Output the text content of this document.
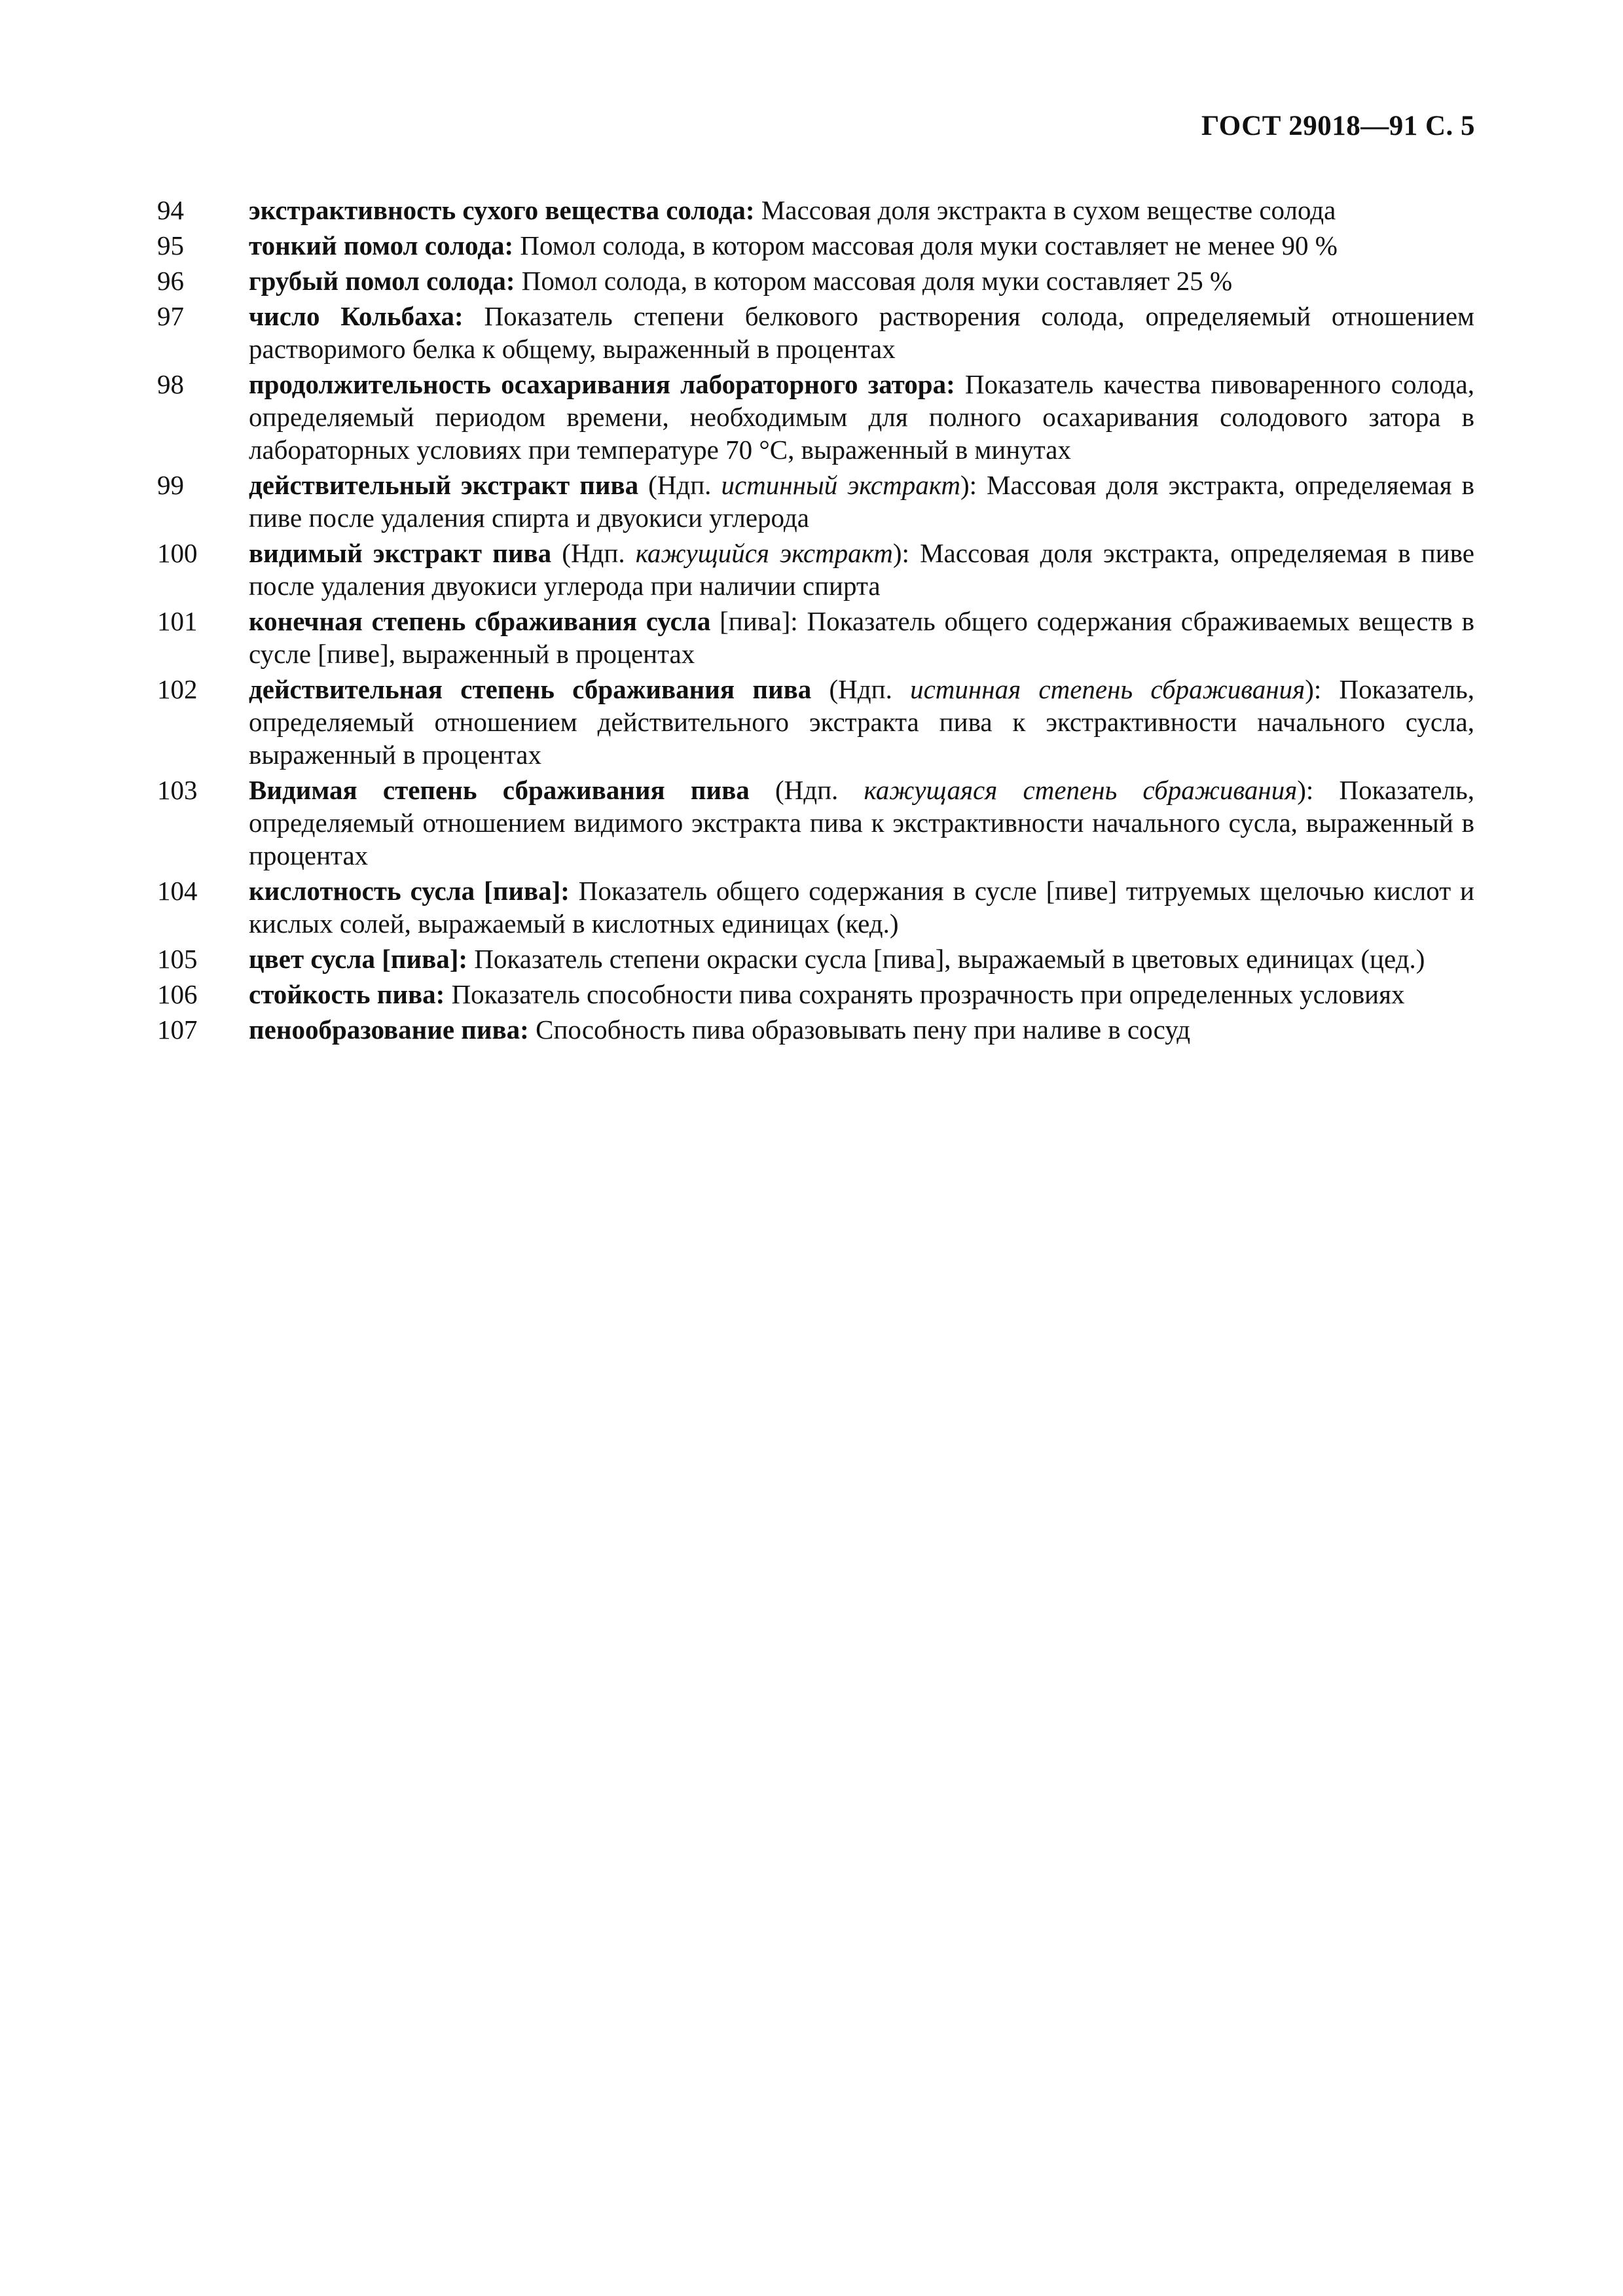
ГОСТ 29018—91 С. 5
94	экстрактивность сухого вещества солода: Массовая доля экстракта в сухом веществе солода
95	тонкий помол солода: Помол солода, в котором массовая доля муки составляет не менее 90 %
96	грубый помол солода: Помол солода, в котором массовая доля муки составляет 25 %
97	число Кольбаха: Показатель степени белкового растворения солода, определяемый отношением растворимого белка к общему, выраженный в процентах
98	продолжительность осахаривания лабораторного затора: Показатель качества пивоваренного солода, определяемый периодом времени, необходимым для полного осахаривания солодового затора в лабораторных условиях при температуре 70 °С, выраженный в минутах
99	действительный экстракт пива (Ндп. истинный экстракт): Массовая доля экстракта, определяемая в пиве после удаления спирта и двуокиси углерода
100	видимый экстракт пива (Ндп. кажущийся экстракт): Массовая доля экстракта, определяемая в пиве после удаления двуокиси углерода при наличии спирта
101	конечная степень сбраживания сусла [пива]: Показатель общего содержания сбраживаемых веществ в сусле [пиве], выраженный в процентах
102	действительная степень сбраживания пива (Ндп. истинная степень сбраживания): Показатель, определяемый отношением действительного экстракта пива к экстрактивности начального сусла, выраженный в процентах
103	Видимая степень сбраживания пива (Ндп. кажущаяся степень сбраживания): Показатель, определяемый отношением видимого экстракта пива к экстрактивности начального сусла, выраженный в процентах
104	кислотность сусла [пива]: Показатель общего содержания в сусле [пиве] титруемых щелочью кислот и кислых солей, выражаемый в кислотных единицах (кед.)
105	цвет сусла [пива]: Показатель степени окраски сусла [пива], выражаемый в цветовых единицах (цед.)
106	стойкость пива: Показатель способности пива сохранять прозрачность при определенных условиях
107	пенообразование пива: Способность пива образовывать пену при наливе в сосуд
